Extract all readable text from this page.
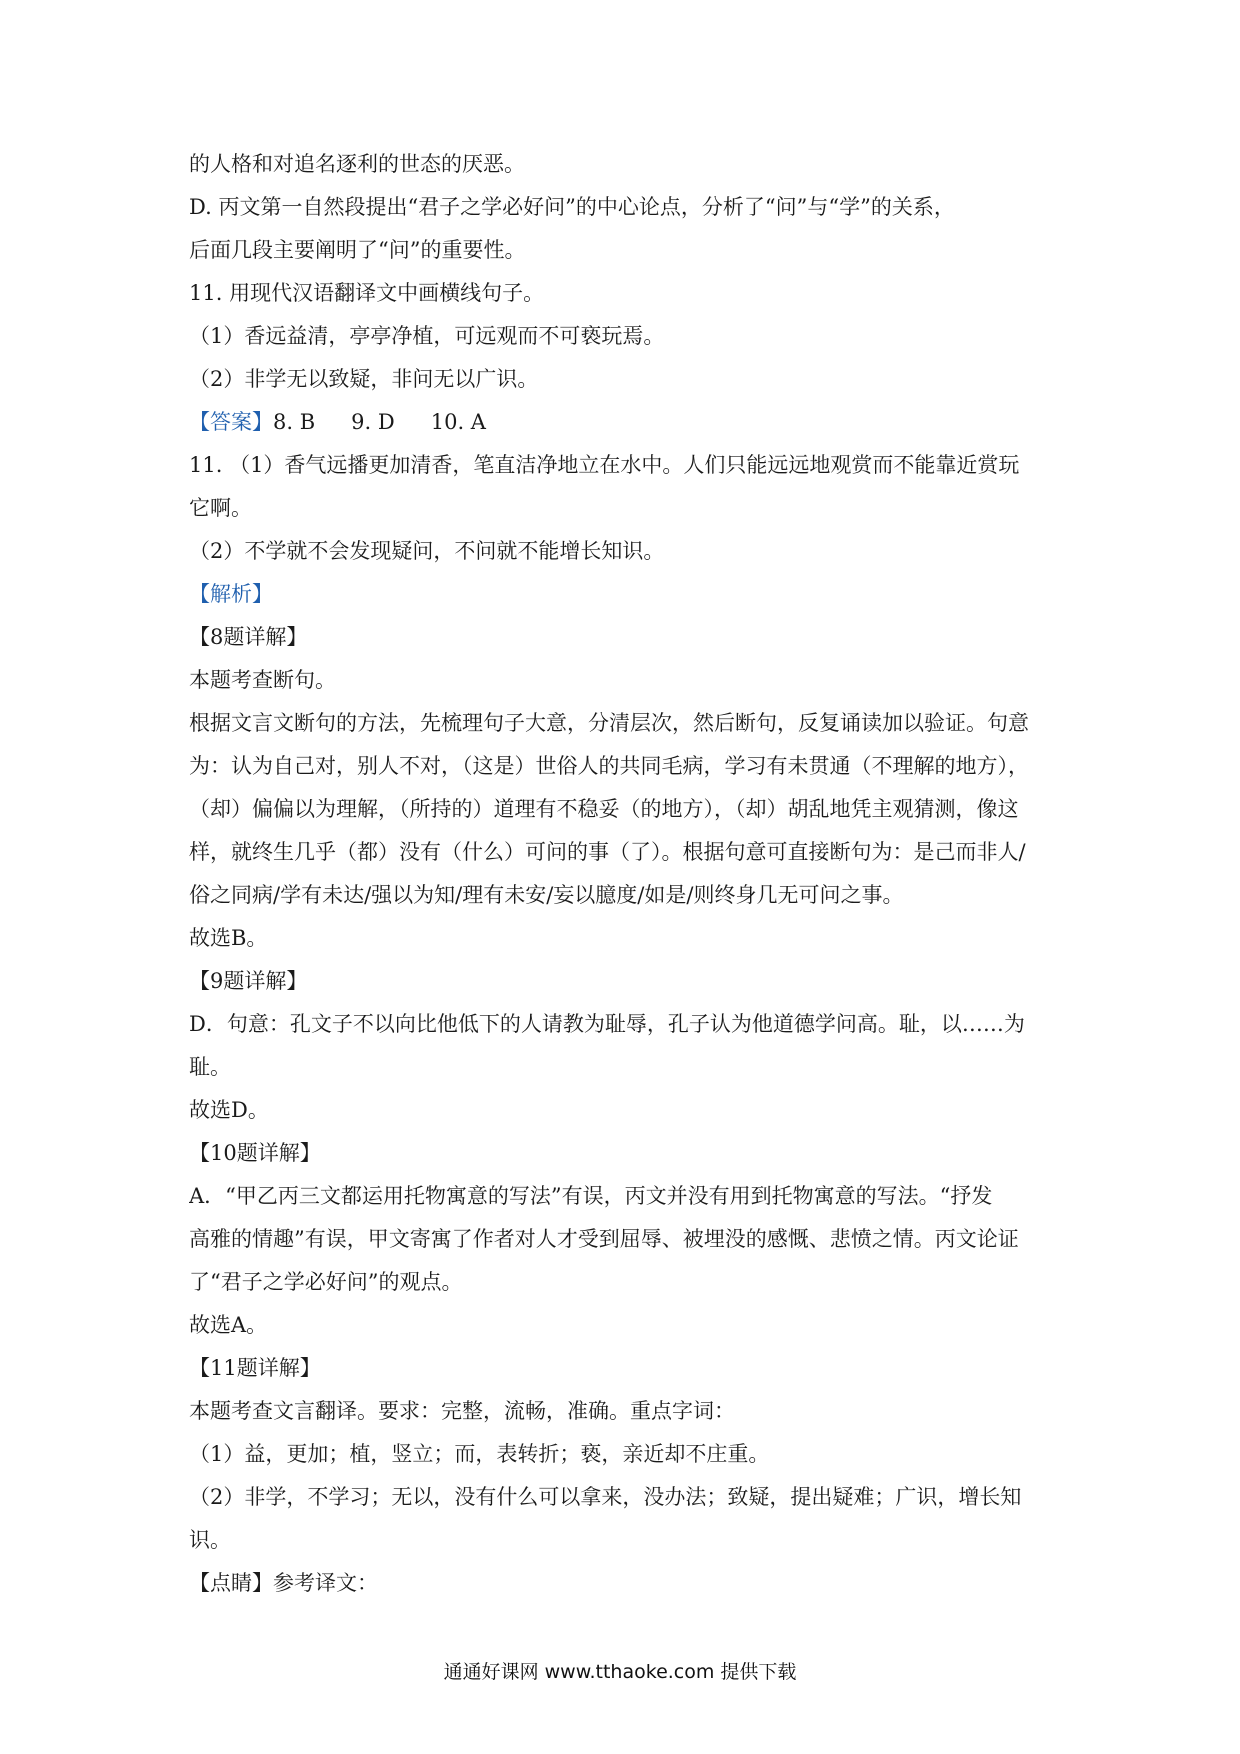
的人格和对追名逐利的世态的厌恶。
D. 丙文第一自然段提出“君子之学必好问”的中心论点，分析了“问”与“学”的关系，
后面几段主要阐明了“问”的重要性。
11. 用现代汉语翻译文中画横线句子。
（1）香远益清，亭亭净植，可远观而不可亵玩焉。
（2）非学无以致疑，非问无以广识。
【答案】8. B 9. D 10. A
11. （1）香气远播更加清香，笔直洁净地立在水中。人们只能远远地观赏而不能靠近赏玩
它啊。
（2）不学就不会发现疑问，不问就不能增长知识。
【解析】
【8题详解】
本题考查断句。
根据文言文断句的方法，先梳理句子大意，分清层次，然后断句，反复诵读加以验证。句意
为：认为自己对，别人不对，（这是）世俗人的共同毛病，学习有未贯通（不理解的地方），
（却）偏偏以为理解，（所持的）道理有不稳妥（的地方），（却）胡乱地凭主观猜测，像这
样，就终生几乎（都）没有（什么）可问的事（了）。根据句意可直接断句为：是己而非人/
俗之同病/学有未达/强以为知/理有未安/妄以臆度/如是/则终身几无可问之事。
故选B。
【9题详解】
D．句意：孔文子不以向比他低下的人请教为耻辱，孔子认为他道德学问高。耻，以……为
耻。
故选D。
【10题详解】
A．“甲乙丙三文都运用托物寓意的写法”有误，丙文并没有用到托物寓意的写法。“抒发
高雅的情趣”有误，甲文寄寓了作者对人才受到屈辱、被埋没的感慨、悲愤之情。丙文论证
了“君子之学必好问”的观点。
故选A。
【11题详解】
本题考查文言翻译。要求：完整，流畅，准确。重点字词：
（1）益，更加；植，竖立；而，表转折；亵，亲近却不庄重。
（2）非学，不学习；无以，没有什么可以拿来，没办法；致疑，提出疑难；广识，增长知
识。
【点睛】参考译文：
通通好课网 www.tthaoke.com 提供下载
